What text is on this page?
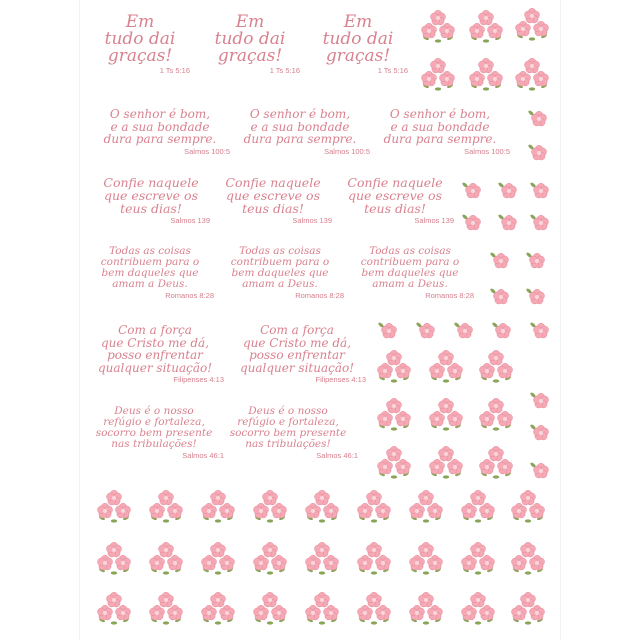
Em

tudo dai

graças!

1 Ts 5:16

Em

tudo dai

graças!

1 Ts 5:16

Em

tudo dai

graças!

1 Ts 5:16

O senhor é bom,

e a sua bondade

dura para sempre.

Salmos 100:5

O senhor é bom,

e a sua bondade

dura para sempre.

Salmos 100:5

O senhor é bom,

e a sua bondade

dura para sempre.

Salmos 100:5

Confie naquele

que escreve os

teus dias!

Salmos 139

Confie naquele

que escreve os

teus dias!

Salmos 139

Confie naquele

que escreve os

teus dias!

Salmos 139

Todas as coisas

contribuem para o

bem daqueles que

amam a Deus.

Romanos 8:28

Todas as coisas

contribuem para o

bem daqueles que

amam a Deus.

Romanos 8:28

Todas as coisas

contribuem para o

bem daqueles que

amam a Deus.

Romanos 8:28

Com a força

que Cristo me dá,

posso enfrentar

qualquer situação!

Filipenses 4:13

Com a força

que Cristo me dá,

posso enfrentar

qualquer situação!

Filipenses 4:13

Deus é o nosso

refúgio e fortaleza,

socorro bem presente

nas tribulações!

Salmos 46:1

Deus é o nosso

refúgio e fortaleza,

socorro bem presente

nas tribulações!

Salmos 46:1
